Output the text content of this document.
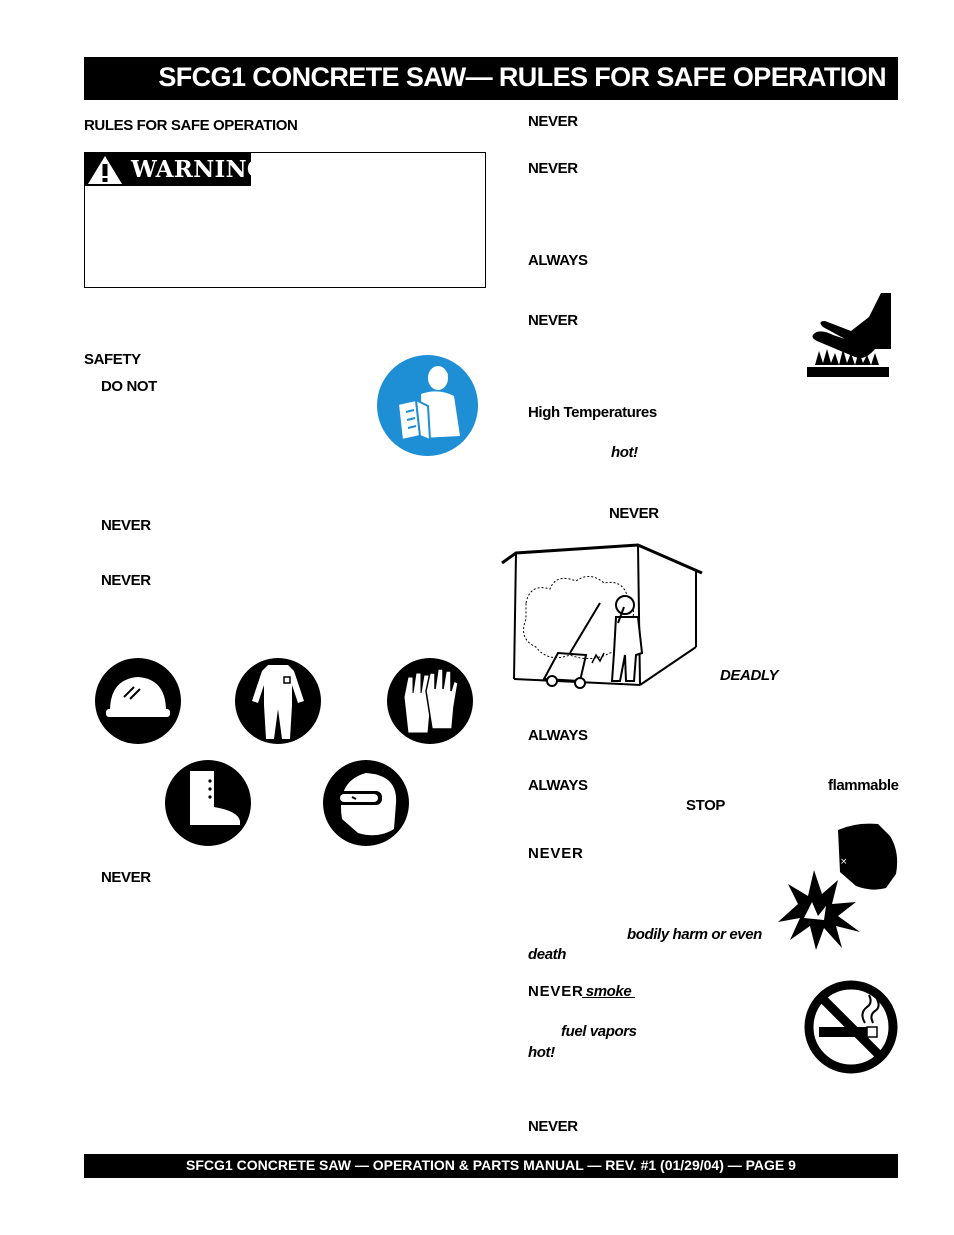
SFCG1 CONCRETE SAW— RULES FOR SAFE OPERATION
RULES FOR SAFE OPERATION
WARNING
SAFETY
DO NOT
NEVER
NEVER
NEVER
NEVER
NEVER
ALWAYS
NEVER
High Temperatures
hot!
NEVER
DEADLY
ALWAYS
ALWAYS	flammable
STOP
NEVER	×
bodily harm or even
death
NEVER
smoke
fuel vapors
hot!
NEVER
SFCG1 CONCRETE SAW — OPERATION & PARTS MANUAL — REV. #1 (01/29/04) — PAGE 9
